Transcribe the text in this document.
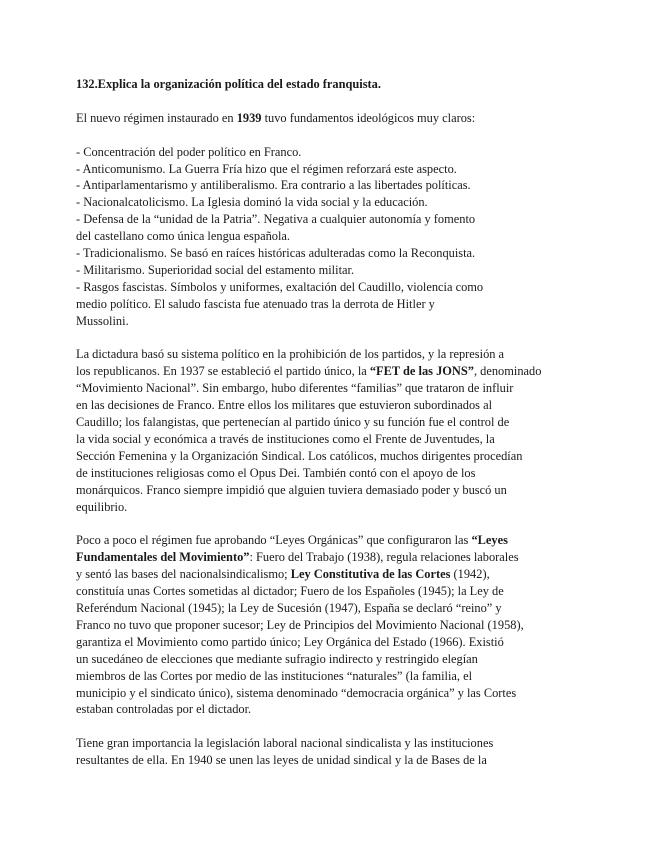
132.Explica la organización política del estado franquista.

El nuevo régimen instaurado en 1939 tuvo fundamentos ideológicos muy claros:

- Concentración del poder político en Franco.

- Anticomunismo. La Guerra Fría hizo que el régimen reforzará este aspecto.

- Antiparlamentarismo y antiliberalismo. Era contrario a las libertades políticas.

- Nacionalcatolicismo. La Iglesia dominó la vida social y la educación.

- Defensa de la “unidad de la Patria”. Negativa a cualquier autonomía y fomento

del castellano como única lengua española.

- Tradicionalismo. Se basó en raíces históricas adulteradas como la Reconquista.

- Militarismo. Superioridad social del estamento militar.

- Rasgos fascistas. Símbolos y uniformes, exaltación del Caudillo, violencia como

medio político. El saludo fascista fue atenuado tras la derrota de Hitler y

Mussolini.

La dictadura basó su sistema político en la prohibición de los partidos, y la represión a

los republicanos. En 1937 se estableció el partido único, la “FET de las JONS”, denominado

“Movimiento Nacional”. Sin embargo, hubo diferentes “familias” que trataron de influir

en las decisiones de Franco. Entre ellos los militares que estuvieron subordinados al

Caudillo; los falangistas, que pertenecían al partido único y su función fue el control de

la vida social y económica a través de instituciones como el Frente de Juventudes, la

Sección Femenina y la Organización Sindical. Los católicos, muchos dirigentes procedían

de instituciones religiosas como el Opus Dei. También contó con el apoyo de los

monárquicos. Franco siempre impidió que alguien tuviera demasiado poder y buscó un

equilibrio.

Poco a poco el régimen fue aprobando “Leyes Orgánicas” que configuraron las “Leyes

Fundamentales del Movimiento”: Fuero del Trabajo (1938), regula relaciones laborales

y sentó las bases del nacionalsindicalismo; Ley Constitutiva de las Cortes (1942),

constituía unas Cortes sometidas al dictador; Fuero de los Españoles (1945); la Ley de

Referéndum Nacional (1945); la Ley de Sucesión (1947), España se declaró “reino” y

Franco no tuvo que proponer sucesor; Ley de Principios del Movimiento Nacional (1958),

garantiza el Movimiento como partido único; Ley Orgánica del Estado (1966). Existió

un sucedáneo de elecciones que mediante sufragio indirecto y restringido elegían

miembros de las Cortes por medio de las instituciones “naturales” (la familia, el

municipio y el sindicato único), sistema denominado “democracia orgánica” y las Cortes

estaban controladas por el dictador.

Tiene gran importancia la legislación laboral nacional sindicalista y las instituciones

resultantes de ella. En 1940 se unen las leyes de unidad sindical y la de Bases de la
